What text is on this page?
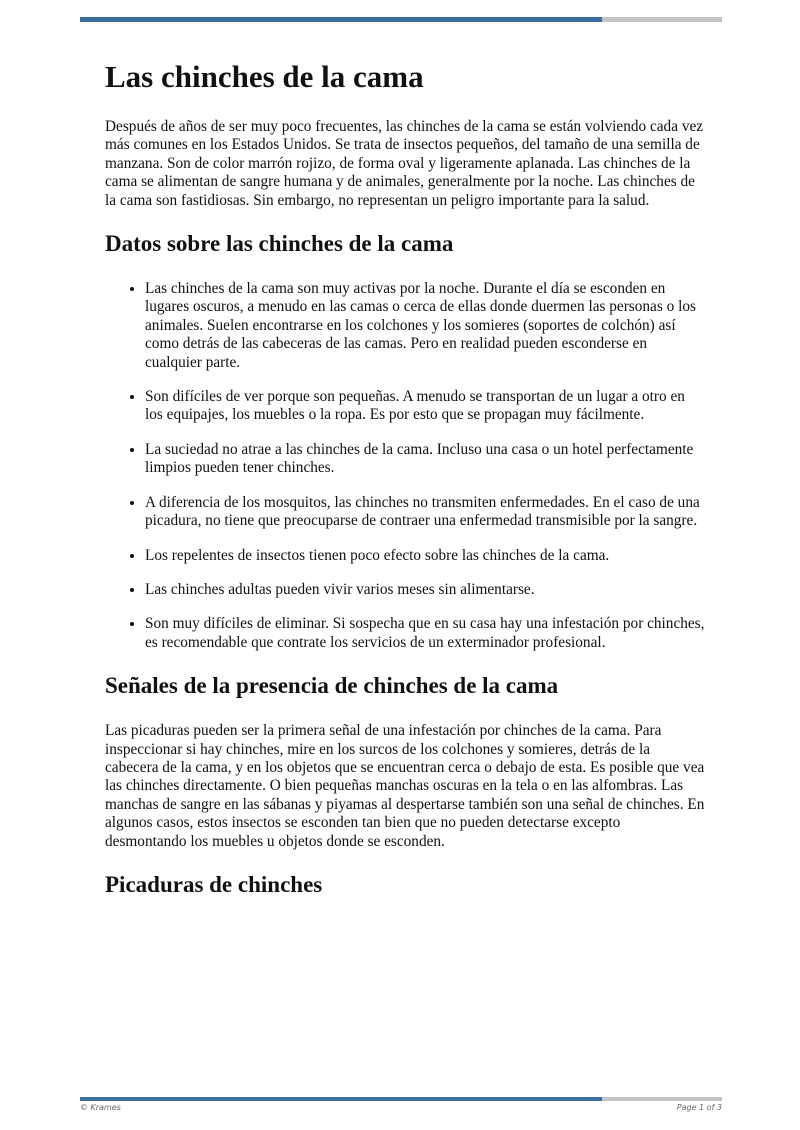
Las chinches de la cama

Después de años de ser muy poco frecuentes, las chinches de la cama se están volviendo cada vez más comunes en los Estados Unidos. Se trata de insectos pequeños, del tamaño de una semilla de manzana. Son de color marrón rojizo, de forma oval y ligeramente aplanada. Las chinches de la cama se alimentan de sangre humana y de animales, generalmente por la noche. Las chinches de la cama son fastidiosas. Sin embargo, no representan un peligro importante para la salud.

Datos sobre las chinches de la cama
• Las chinches de la cama son muy activas por la noche. Durante el día se esconden en lugares oscuros, a menudo en las camas o cerca de ellas donde duermen las personas o los animales. Suelen encontrarse en los colchones y los somieres (soportes de colchón) así como detrás de las cabeceras de las camas. Pero en realidad pueden esconderse en cualquier parte.
• Son difíciles de ver porque son pequeñas. A menudo se transportan de un lugar a otro en los equipajes, los muebles o la ropa. Es por esto que se propagan muy fácilmente.
• La suciedad no atrae a las chinches de la cama. Incluso una casa o un hotel perfectamente limpios pueden tener chinches.
• A diferencia de los mosquitos, las chinches no transmiten enfermedades. En el caso de una picadura, no tiene que preocuparse de contraer una enfermedad transmisible por la sangre.
• Los repelentes de insectos tienen poco efecto sobre las chinches de la cama.
• Las chinches adultas pueden vivir varios meses sin alimentarse.
• Son muy difíciles de eliminar. Si sospecha que en su casa hay una infestación por chinches, es recomendable que contrate los servicios de un exterminador profesional.
Señales de la presencia de chinches de la cama

Las picaduras pueden ser la primera señal de una infestación por chinches de la cama. Para inspeccionar si hay chinches, mire en los surcos de los colchones y somieres, detrás de la cabecera de la cama, y en los objetos que se encuentran cerca o debajo de esta. Es posible que vea las chinches directamente. O bien pequeñas manchas oscuras en la tela o en las alfombras. Las manchas de sangre en las sábanas y piyamas al despertarse también son una señal de chinches. En algunos casos, estos insectos se esconden tan bien que no pueden detectarse excepto desmontando los muebles u objetos donde se esconden.

Picaduras de chinches
© Krames	Page 1 of 3
